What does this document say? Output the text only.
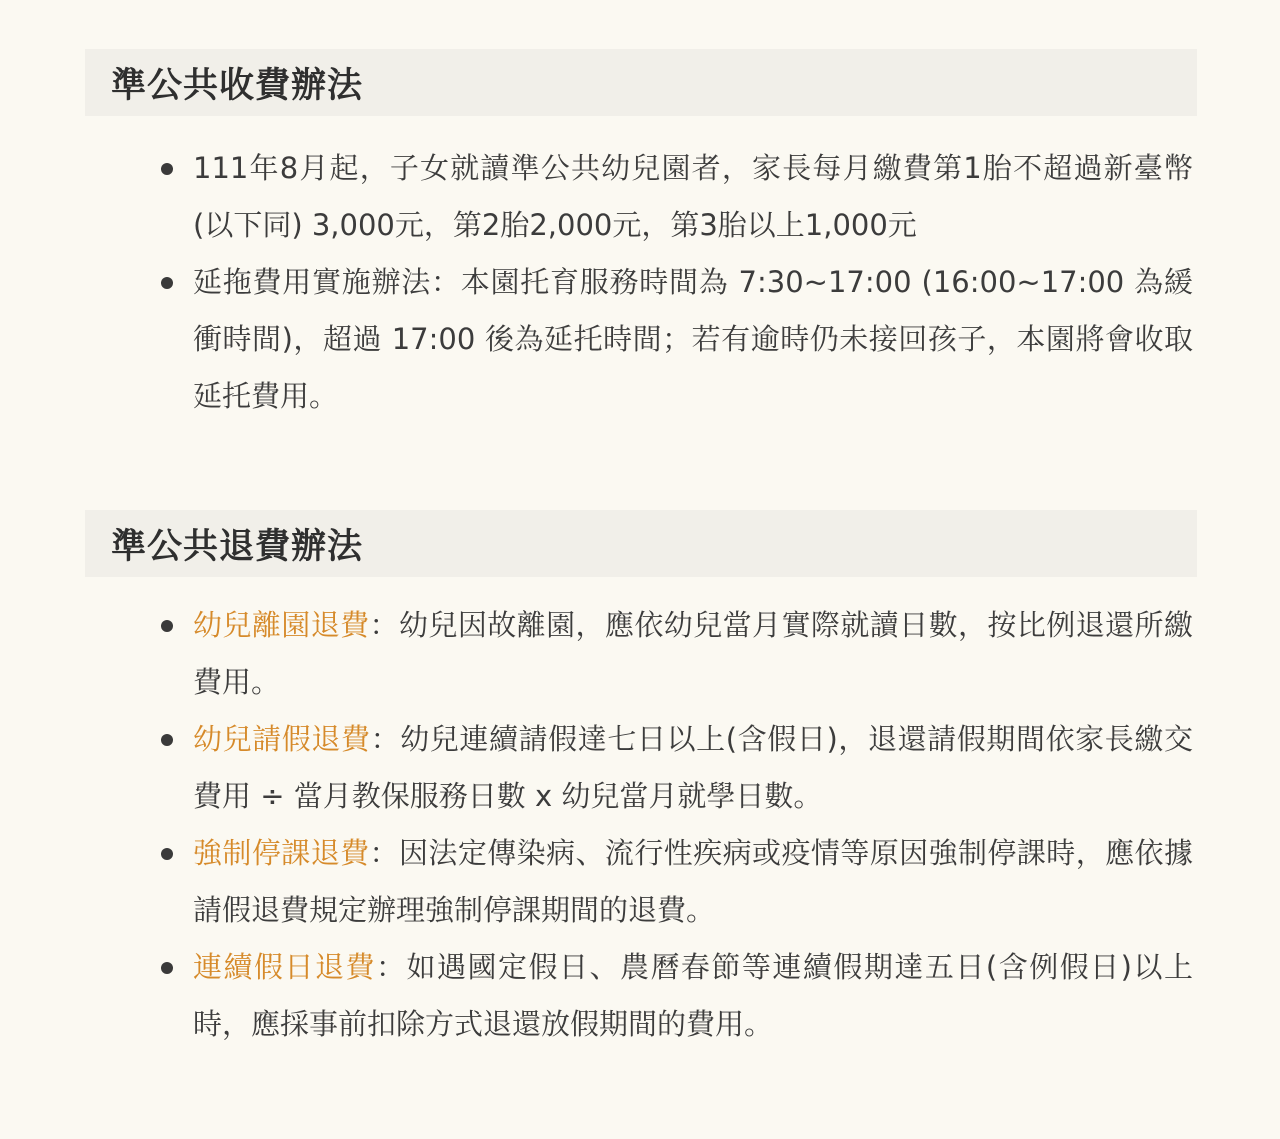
準公共收費辦法
111年8月起，子女就讀準公共幼兒園者，家長每月繳費第1胎不超過新臺幣 (以下同) 3,000元，第2胎2,000元，第3胎以上1,000元
延拖費用實施辦法：本園托育服務時間為 7:30~17:00 (16:00~17:00 為緩衝時間)，超過 17:00 後為延托時間；若有逾時仍未接回孩子，本園將會收取延托費用。
準公共退費辦法
幼兒離園退費：幼兒因故離園，應依幼兒當月實際就讀日數，按比例退還所繳費用。
幼兒請假退費：幼兒連續請假達七日以上(含假日)，退還請假期間依家長繳交費用 ÷ 當月教保服務日數 x 幼兒當月就學日數。
強制停課退費：因法定傳染病、流行性疾病或疫情等原因強制停課時，應依據請假退費規定辦理強制停課期間的退費。
連續假日退費：如遇國定假日、農曆春節等連續假期達五日(含例假日)以上時，應採事前扣除方式退還放假期間的費用。
